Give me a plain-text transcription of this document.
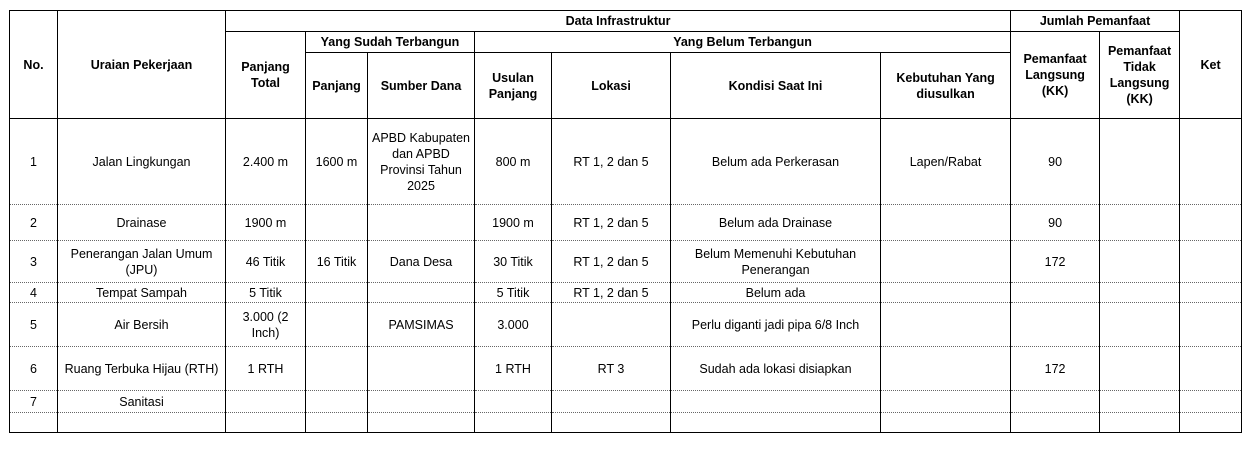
No.	Uraian Pekerjaan	Data Infrastruktur							Jumlah Pemanfaat		Ket
		Panjang Total	Yang Sudah Terbangun		Yang Belum Terbangun				Pemanfaat Langsung (KK)	Pemanfaat Tidak Langsung (KK)	
			Panjang	Sumber Dana	Usulan Panjang	Lokasi	Kondisi Saat Ini	Kebutuhan Yang diusulkan			
1	Jalan Lingkungan	2.400 m	1600 m	APBD Kabupaten dan APBD Provinsi Tahun 2025	800 m	RT 1, 2 dan 5	Belum ada Perkerasan	Lapen/Rabat	90		
2	Drainase	1900 m			1900 m	RT 1, 2 dan 5	Belum ada Drainase		90		
3	Penerangan Jalan Umum (JPU)	46 Titik	16 Titik	Dana Desa	30 Titik	RT 1, 2 dan 5	Belum Memenuhi Kebutuhan Penerangan		172		
4	Tempat Sampah	5 Titik			5 Titik	RT 1, 2 dan 5	Belum ada				
5	Air Bersih	3.000 (2 Inch)		PAMSIMAS	3.000		Perlu diganti jadi pipa 6/8 Inch				
6	Ruang Terbuka Hijau (RTH)	1 RTH			1 RTH	RT 3	Sudah ada lokasi disiapkan		172		
7	Sanitasi										
